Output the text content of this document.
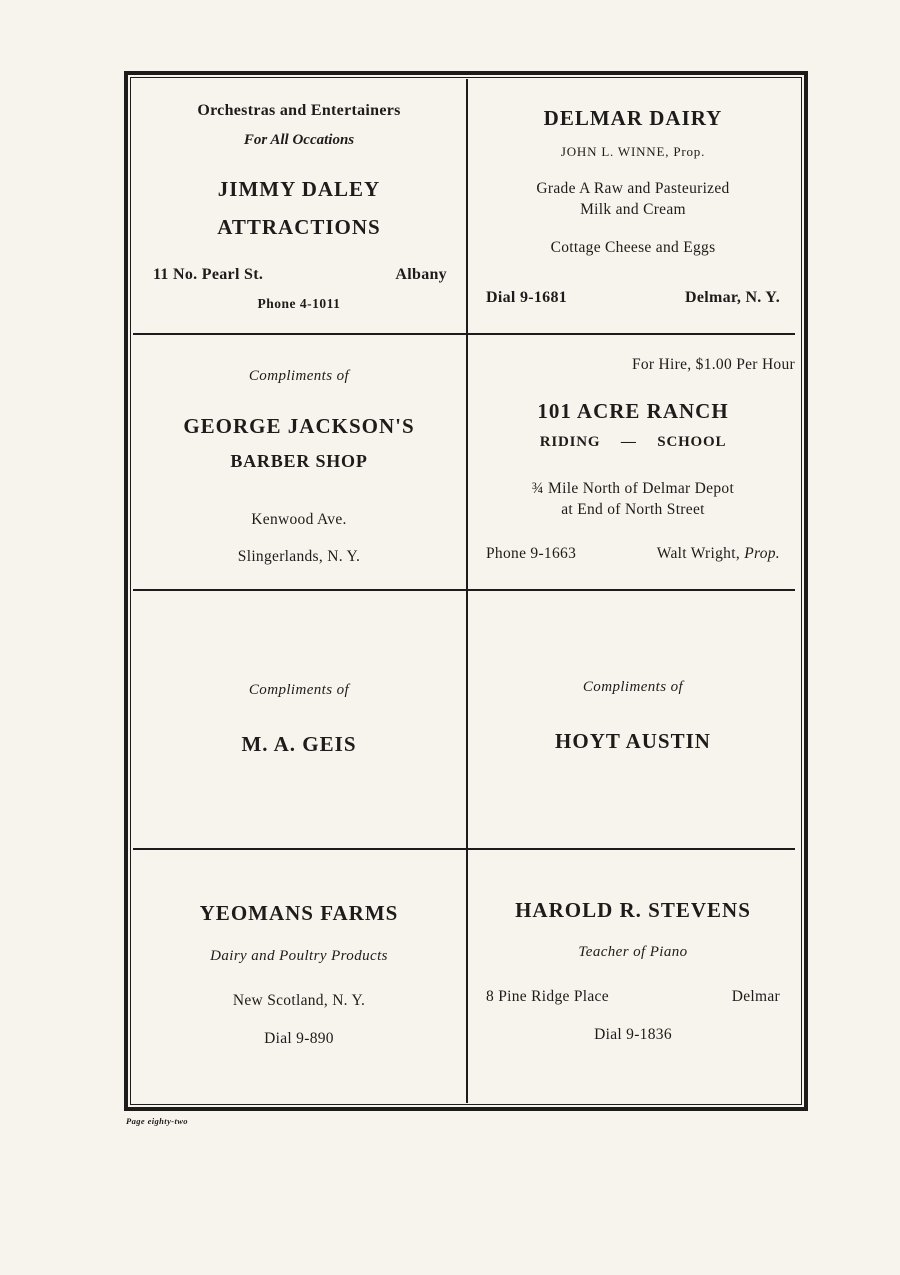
Orchestras and Entertainers
For All Occations
JIMMY DALEY
ATTRACTIONS
11 No. Pearl St.	Albany
Phone 4-1011
DELMAR DAIRY
JOHN L. WINNE, Prop.
Grade A Raw and Pasteurized
Milk and Cream
Cottage Cheese and Eggs
Dial 9-1681	Delmar, N. Y.
Compliments of
GEORGE JACKSON'S
BARBER SHOP
Kenwood Ave.
Slingerlands, N. Y.
For Hire, $1.00 Per Hour
101 ACRE RANCH
RIDING — SCHOOL
¾ Mile North of Delmar Depot
at End of North Street
Phone 9-1663	Walt Wright, Prop.
Compliments of
M. A. GEIS
Compliments of
HOYT AUSTIN
YEOMANS FARMS
Dairy and Poultry Products
New Scotland, N. Y.
Dial 9-890
HAROLD R. STEVENS
Teacher of Piano
8 Pine Ridge Place	Delmar
Dial 9-1836
Page eighty-two
